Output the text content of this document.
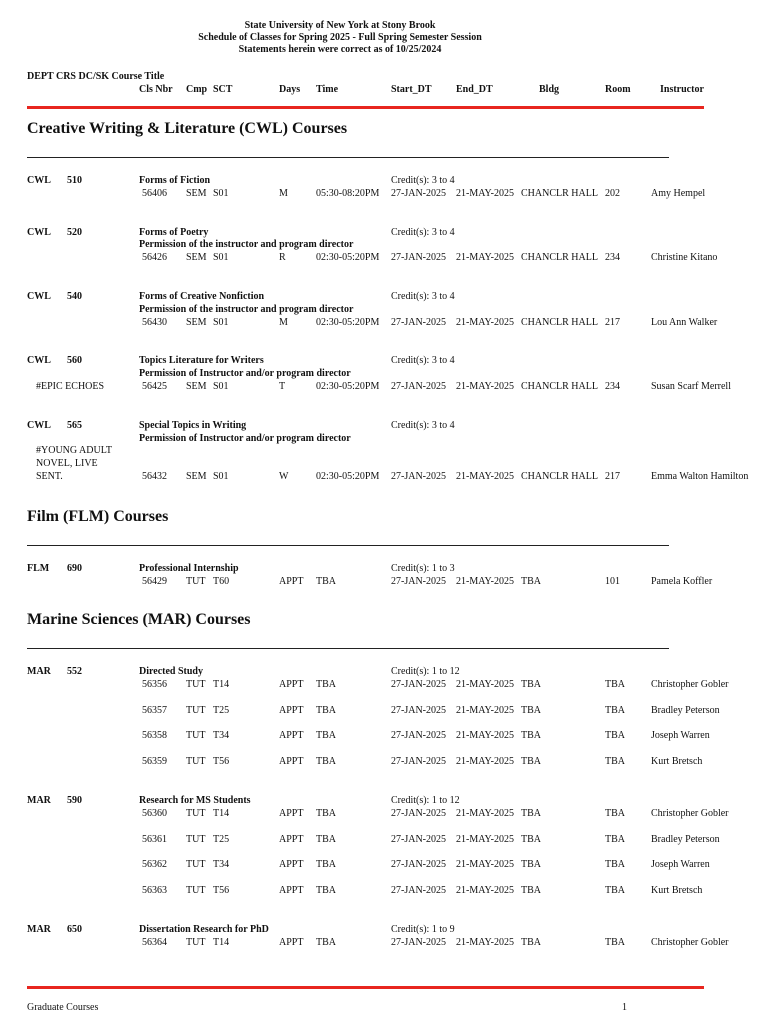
State University of New York at Stony Brook
Schedule of Classes for Spring 2025 - Full Spring Semester Session
Statements herein were correct as of 10/25/2024
DEPT CRS DC/SK Course Title
Cls Nbr Cmp SCT	Days Time	Start_DT End_DT	Bldg	Room	Instructor
Creative Writing & Literature (CWL) Courses
CWL 510	Forms of Fiction	Credit(s): 3 to 4
56406 SEM S01	M	05:30-08:20PM 27-JAN-2025 21-MAY-2025 CHANCLR HALL 202	Amy Hempel
CWL 520	Forms of Poetry	Credit(s): 3 to 4
Permission of the instructor and program director
56426 SEM S01	R	02:30-05:20PM 27-JAN-2025 21-MAY-2025 CHANCLR HALL 234	Christine Kitano
CWL 540	Forms of Creative Nonfiction	Credit(s): 3 to 4
Permission of the instructor and program director
56430 SEM S01	M	02:30-05:20PM 27-JAN-2025 21-MAY-2025 CHANCLR HALL 217	Lou Ann Walker
CWL 560	Topics Literature for Writers	Credit(s): 3 to 4
Permission of Instructor and/or program director
#EPIC ECHOES	56425 SEM S01	T	02:30-05:20PM 27-JAN-2025 21-MAY-2025 CHANCLR HALL 234	Susan Scarf Merrell
CWL 565	Special Topics in Writing	Credit(s): 3 to 4
Permission of Instructor and/or program director
#YOUNG ADULT
NOVEL, LIVE
SENT.	56432 SEM S01	W	02:30-05:20PM 27-JAN-2025 21-MAY-2025 CHANCLR HALL 217	Emma Walton Hamilton
Film (FLM) Courses
FLM 690	Professional Internship	Credit(s): 1 to 3
56429 TUT T60	APPT TBA	27-JAN-2025 21-MAY-2025 TBA	101	Pamela Koffler
Marine Sciences (MAR) Courses
MAR 552	Directed Study	Credit(s): 1 to 12
56356 TUT T14	APPT TBA	27-JAN-2025 21-MAY-2025 TBA	TBA	Christopher Gobler
56357 TUT T25	APPT TBA	27-JAN-2025 21-MAY-2025 TBA	TBA	Bradley Peterson
56358 TUT T34	APPT TBA	27-JAN-2025 21-MAY-2025 TBA	TBA	Joseph Warren
56359 TUT T56	APPT TBA	27-JAN-2025 21-MAY-2025 TBA	TBA	Kurt Bretsch
MAR 590	Research for MS Students	Credit(s): 1 to 12
56360 TUT T14	APPT TBA	27-JAN-2025 21-MAY-2025 TBA	TBA	Christopher Gobler
56361 TUT T25	APPT TBA	27-JAN-2025 21-MAY-2025 TBA	TBA	Bradley Peterson
56362 TUT T34	APPT TBA	27-JAN-2025 21-MAY-2025 TBA	TBA	Joseph Warren
56363 TUT T56	APPT TBA	27-JAN-2025 21-MAY-2025 TBA	TBA	Kurt Bretsch
MAR 650	Dissertation Research for PhD	Credit(s): 1 to 9
56364 TUT T14	APPT TBA	27-JAN-2025 21-MAY-2025 TBA	TBA	Christopher Gobler
Graduate Courses	1
